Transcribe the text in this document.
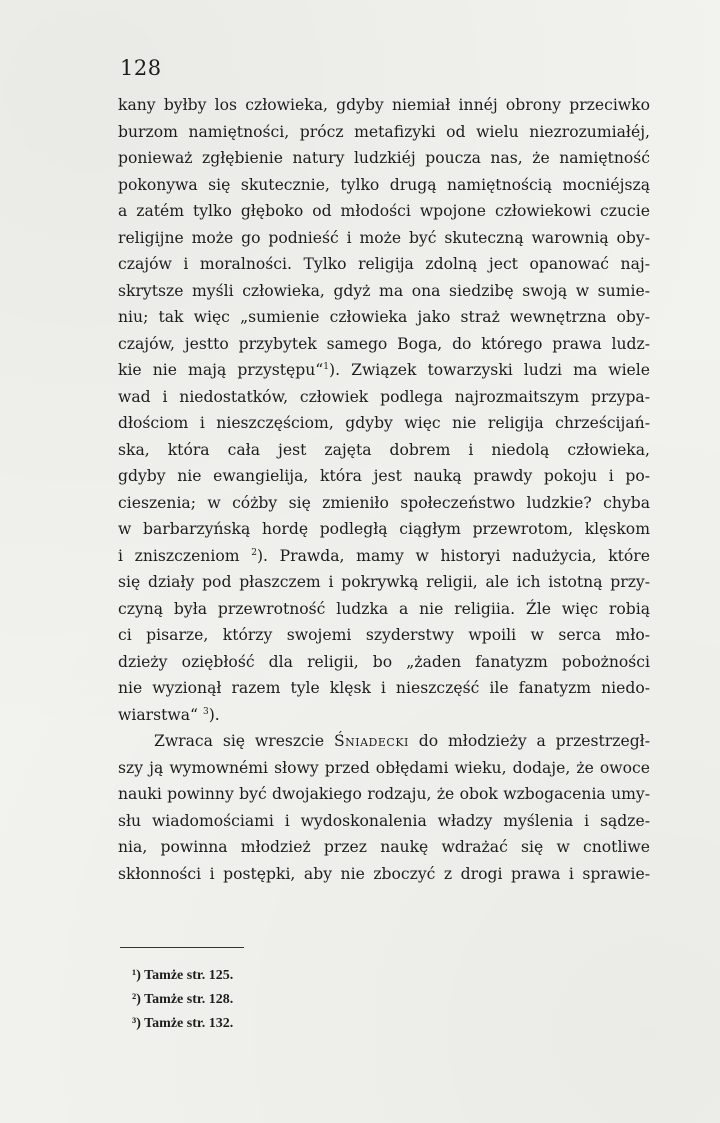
128
kany byłby los człowieka, gdyby niemiał innéj obrony przeciwko
burzom namiętności, prócz metafizyki od wielu niezrozumiałéj,
ponieważ zgłębienie natury ludzkiéj poucza nas, że namiętność
pokonywa się skutecznie, tylko drugą namiętnością mocniéjszą
a zatém tylko głęboko od młodości wpojone człowiekowi czucie
religijne może go podnieść i może być skuteczną warownią oby-
czajów i moralności. Tylko religija zdolną ject opanować naj-
skrytsze myśli człowieka, gdyż ma ona siedzibę swoją w sumie-
niu; tak więc „sumienie człowieka jako straż wewnętrzna oby-
czajów, jestto przybytek samego Boga, do którego prawa ludz-
kie nie mają przystępu“$^1$). Związek towarzyski ludzi ma wiele
wad i niedostatków, człowiek podlega najrozmaitszym przypa-
dłościom i nieszczęściom, gdyby więc nie religija chrześcijań-
ska, która cała jest zajęta dobrem i niedolą człowieka,
gdyby nie ewangielija, która jest nauką prawdy pokoju i po-
cieszenia; w cóżby się zmieniło społeczeństwo ludzkie? chyba
w barbarzyńską hordę podległą ciągłym przewrotom, klęskom
i zniszczeniom $^2$). Prawda, mamy w historyi nadużycia, które
się działy pod płaszczem i pokrywką religii, ale ich istotną przy-
czyną była przewrotność ludzka a nie religiia. Źle więc robią
ci pisarze, którzy swojemi szyderstwy wpoili w serca mło-
dzieży oziębłość dla religii, bo „żaden fanatyzm pobożności
nie wyzionął razem tyle klęsk i nieszczęść ile fanatyzm niedo-
wiarstwa“ $^3$).
Zwraca się wreszcie Śniadecki do młodzieży a przestrzegł-
szy ją wymownémi słowy przed obłędami wieku, dodaje, że owoce
nauki powinny być dwojakiego rodzaju, że obok wzbogacenia umy-
słu wiadomościami i wydoskonalenia władzy myślenia i sądze-
nia, powinna młodzież przez naukę wdrażać się w cnotliwe
skłonności i postępki, aby nie zboczyć z drogi prawa i sprawie-
¹) Tamże str. 125.
²) Tamże str. 128.
³) Tamże str. 132.
